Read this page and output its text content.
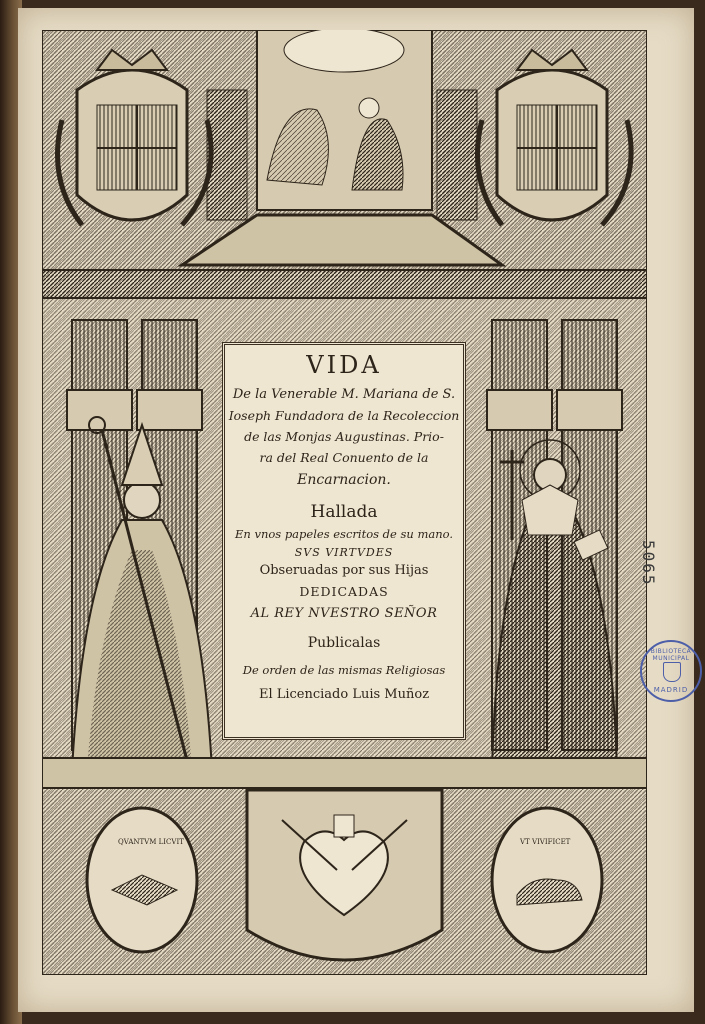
VIDA
De la Venerable M. Mariana de S.
Ioseph Fundadora de la Recoleccion
de las Monjas Augustinas. Prio-
ra del Real Conuento de la
Encarnacion.
Hallada
En vnos papeles escritos de su mano.
SVS VIRTVDES
Obseruadas por sus Hijas
DEDICADAS
AL REY NVESTRO SEÑOR
Publicalas
De orden de las mismas Religiosas
El Licenciado Luis Muñoz
QVANTVM LICVIT	VT VIVIFICET
5065
BIBLIOTECA MUNICIPAL
MADRID
